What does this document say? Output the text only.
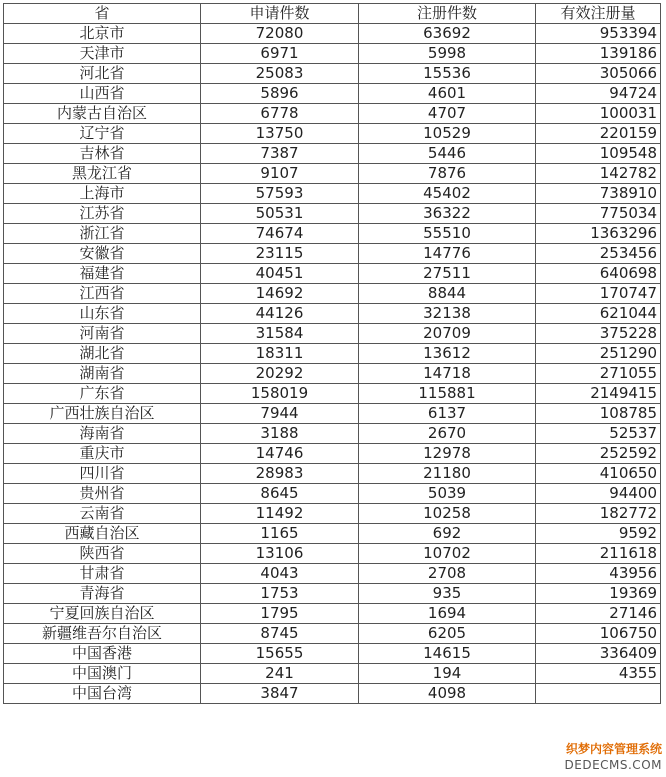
省	申请件数	注册件数	有效注册量
北京市	72080	63692	953394
天津市	6971	5998	139186
河北省	25083	15536	305066
山西省	5896	4601	94724
内蒙古自治区	6778	4707	100031
辽宁省	13750	10529	220159
吉林省	7387	5446	109548
黑龙江省	9107	7876	142782
上海市	57593	45402	738910
江苏省	50531	36322	775034
浙江省	74674	55510	1363296
安徽省	23115	14776	253456
福建省	40451	27511	640698
江西省	14692	8844	170747
山东省	44126	32138	621044
河南省	31584	20709	375228
湖北省	18311	13612	251290
湖南省	20292	14718	271055
广东省	158019	115881	2149415
广西壮族自治区	7944	6137	108785
海南省	3188	2670	52537
重庆市	14746	12978	252592
四川省	28983	21180	410650
贵州省	8645	5039	94400
云南省	11492	10258	182772
西藏自治区	1165	692	9592
陕西省	13106	10702	211618
甘肃省	4043	2708	43956
青海省	1753	935	19369
宁夏回族自治区	1795	1694	27146
新疆维吾尔自治区	8745	6205	106750
中国香港	15655	14615	336409
中国澳门	241	194	4355
中国台湾	3847	4098	
织梦内容管理系统
DEDECMS.COM
